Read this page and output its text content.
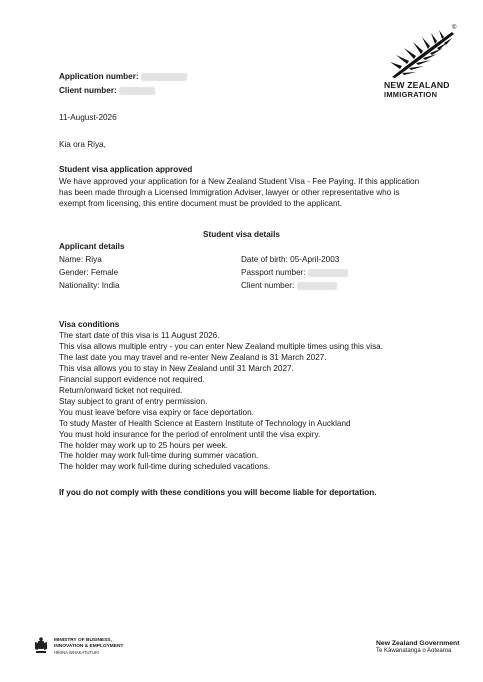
®
NEW ZEALAND
IMMIGRATION
Application number:
Client number:
11-August-2026
Kia ora Riya,
Student visa application approved
We have approved your application for a New Zealand Student Visa - Fee Paying. If this application
has been made through a Licensed Immigration Adviser, lawyer or other representative who is
exempt from licensing, this entire document must be provided to the applicant.
Student visa details
Applicant details
Name: Riya
Gender: Female
Nationality: India
Date of birth: 05-April-2003
Passport number:
Client number:
Visa conditions
The start date of this visa is 11 August 2026.
This visa allows multiple entry - you can enter New Zealand multiple times using this visa.
The last date you may travel and re-enter New Zealand is 31 March 2027.
This visa allows you to stay in New Zealand until 31 March 2027.
Financial support evidence not required.
Return/onward ticket not required.
Stay subject to grant of entry permission.
You must leave before visa expiry or face deportation.
To study Master of Health Science at Eastern Institute of Technology in Auckland
You must hold insurance for the period of enrolment until the visa expiry.
The holder may work up to 25 hours per week.
The holder may work full-time during summer vacation.
The holder may work full-time during scheduled vacations.
If you do not comply with these conditions you will become liable for deportation.
MINISTRY OF BUSINESS,
INNOVATION & EMPLOYMENT
HĪKINA WHAKATUTUKI
New Zealand Government
Te Kāwanatanga o Aotearoa
